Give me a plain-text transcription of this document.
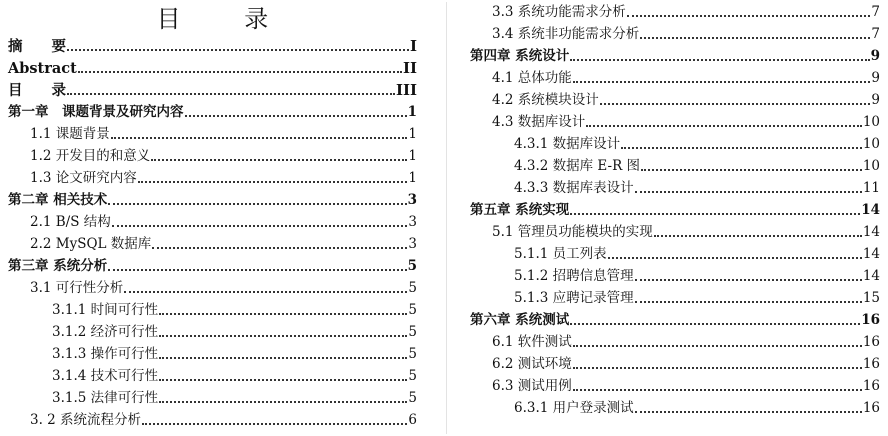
目 录
摘　　要	I
Abstract	II
目　　录	III
第一章　课题背景及研究内容	1
1.1 课题背景	1
1.2 开发目的和意义	1
1.3 论文研究内容	1
第二章 相关技术	3
2.1 B/S 结构	3
2.2 MySQL 数据库	3
第三章 系统分析	5
3.1 可行性分析	5
3.1.1 时间可行性	5
3.1.2 经济可行性	5
3.1.3 操作可行性	5
3.1.4 技术可行性	5
3.1.5 法律可行性	5
3. 2 系统流程分析	6
3.3 系统功能需求分析	7
3.4 系统非功能需求分析	7
第四章 系统设计	9
4.1 总体功能	9
4.2 系统模块设计	9
4.3 数据库设计	10
4.3.1 数据库设计	10
4.3.2 数据库 E-R 图	10
4.3.3 数据库表设计	11
第五章 系统实现	14
5.1 管理员功能模块的实现	14
5.1.1 员工列表	14
5.1.2 招聘信息管理	14
5.1.3 应聘记录管理	15
第六章 系统测试	16
6.1 软件测试	16
6.2 测试环境	16
6.3 测试用例	16
6.3.1 用户登录测试	16
